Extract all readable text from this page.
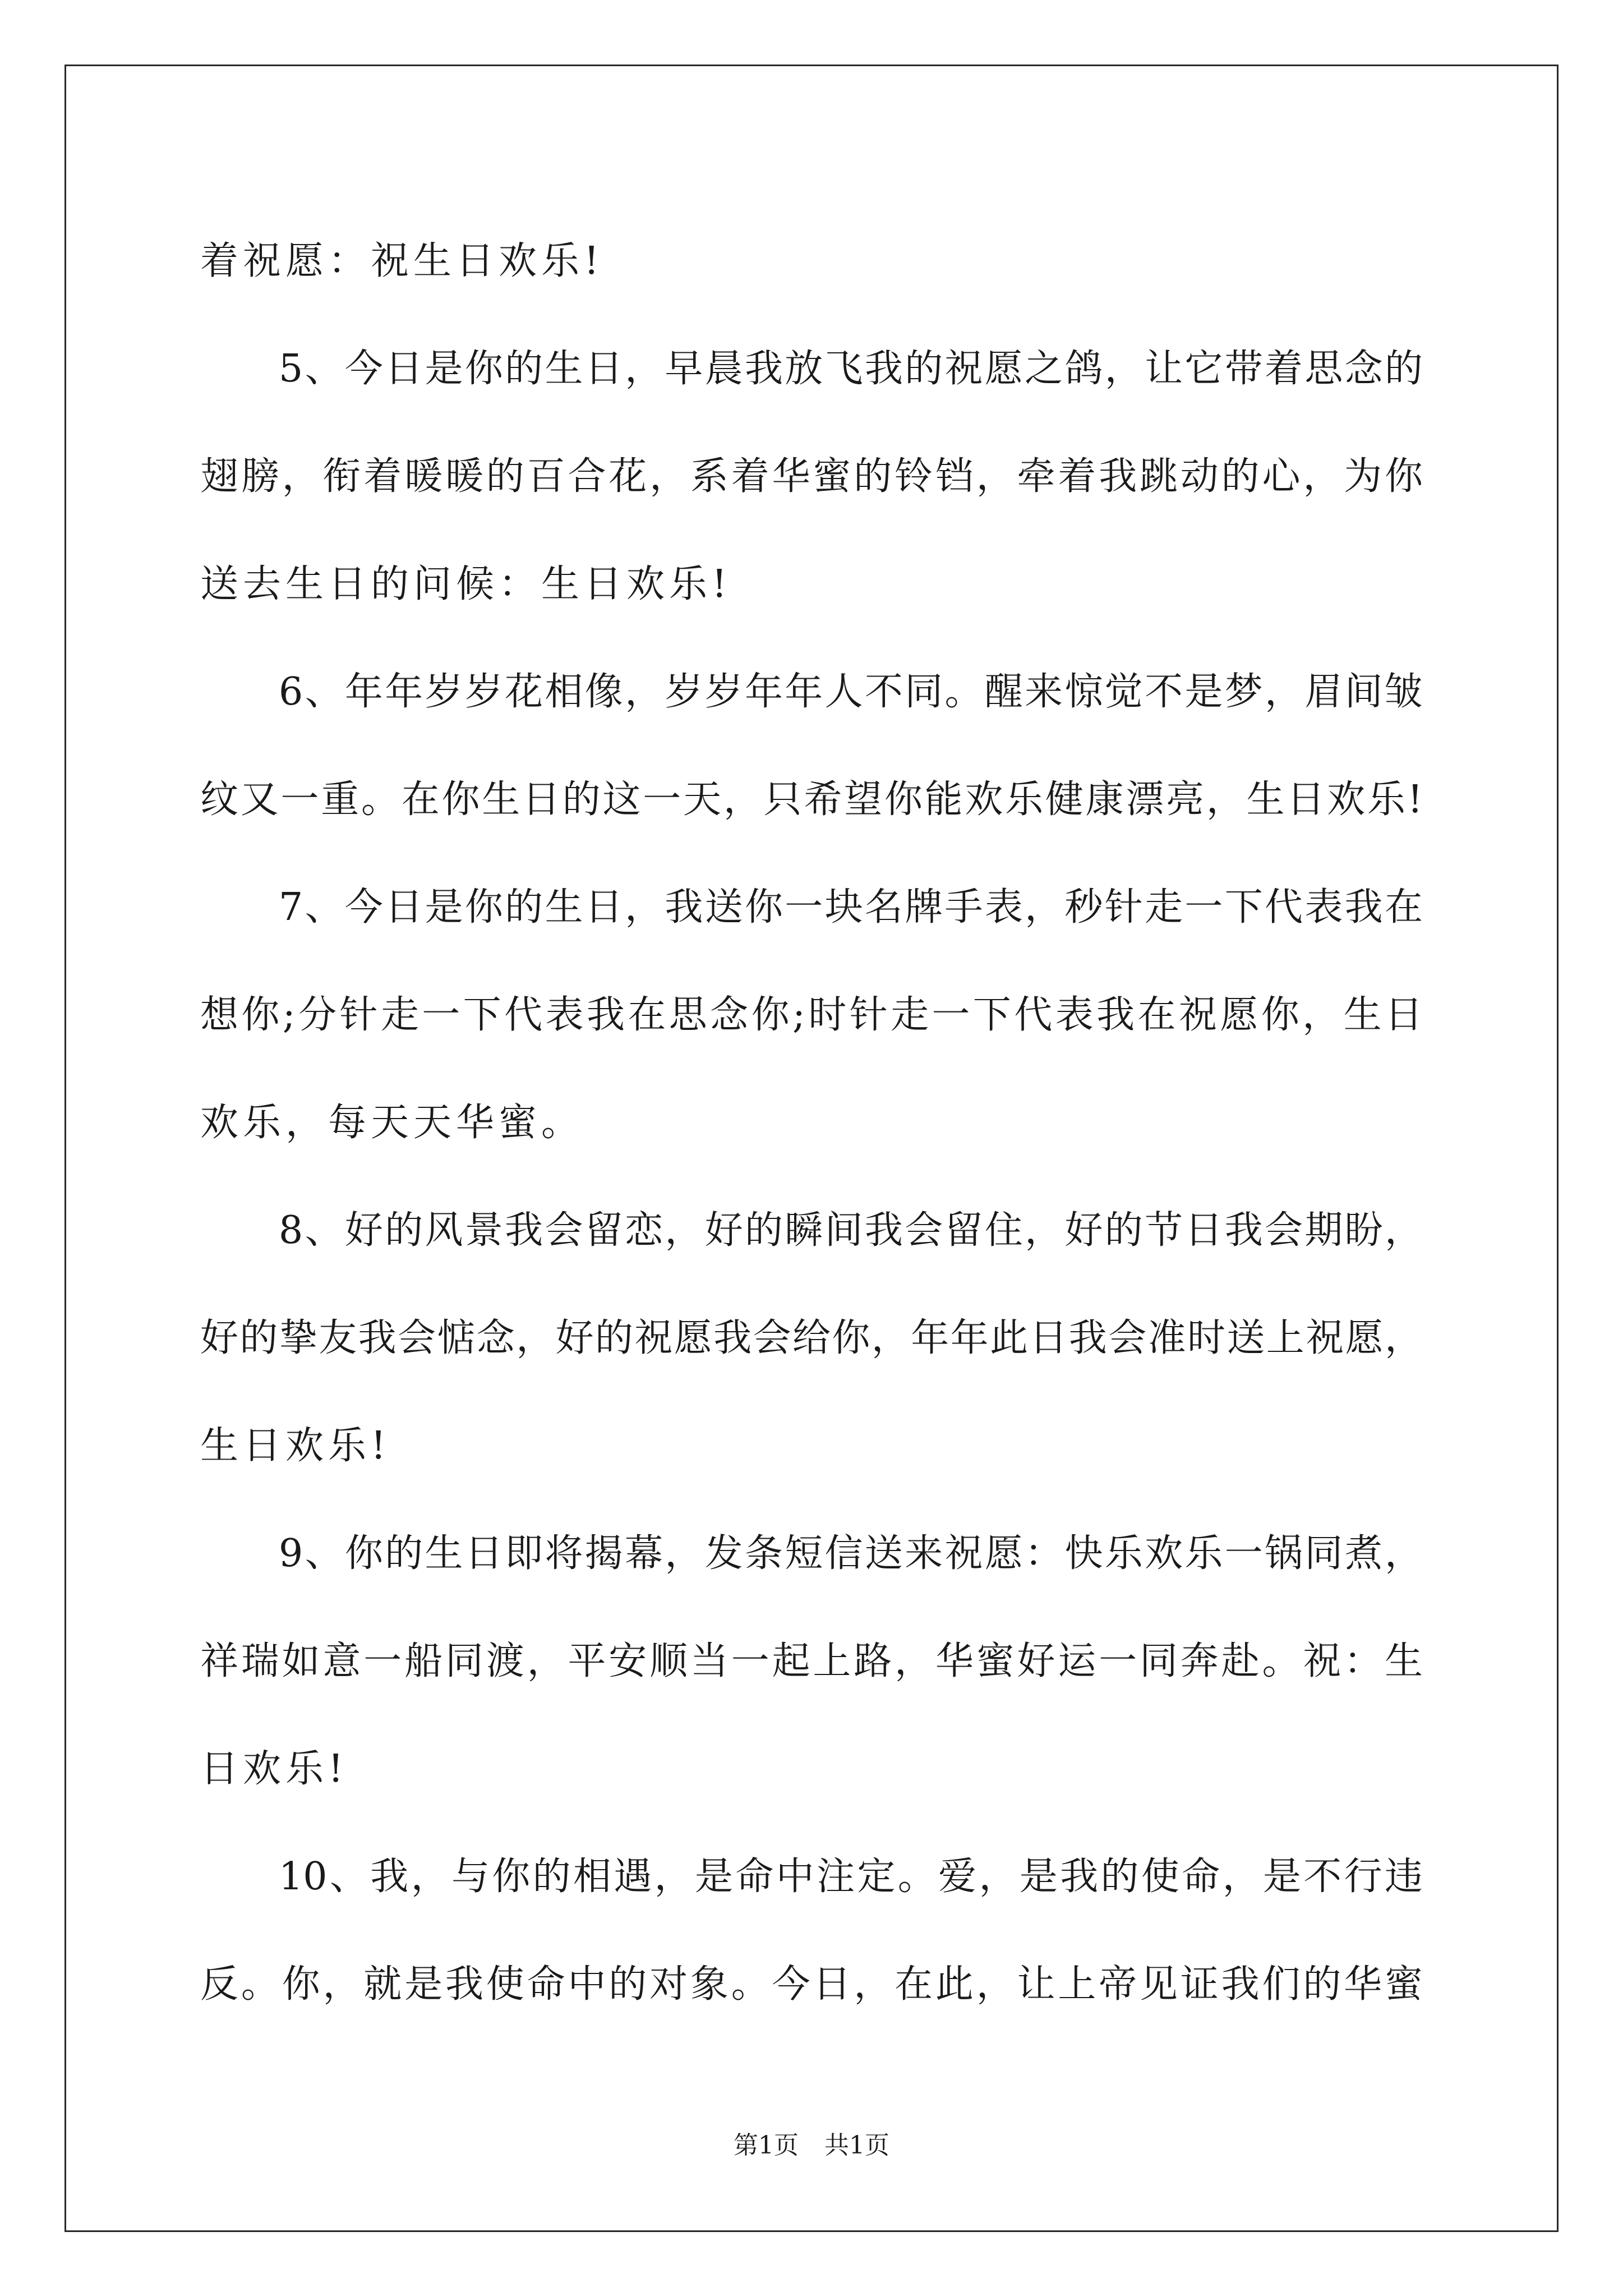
着祝愿：祝生日欢乐!
5、今日是你的生日，早晨我放飞我的祝愿之鸽，让它带着思念的
翅膀，衔着暖暖的百合花，系着华蜜的铃铛，牵着我跳动的心，为你
送去生日的问候：生日欢乐!
6、年年岁岁花相像，岁岁年年人不同。醒来惊觉不是梦，眉间皱
纹又一重。在你生日的这一天，只希望你能欢乐健康漂亮，生日欢乐!
7、今日是你的生日，我送你一块名牌手表，秒针走一下代表我在
想你;分针走一下代表我在思念你;时针走一下代表我在祝愿你，生日
欢乐，每天天华蜜。
8、好的风景我会留恋，好的瞬间我会留住，好的节日我会期盼，
好的挚友我会惦念，好的祝愿我会给你，年年此日我会准时送上祝愿，
生日欢乐!
9、你的生日即将揭幕，发条短信送来祝愿：快乐欢乐一锅同煮，
祥瑞如意一船同渡，平安顺当一起上路，华蜜好运一同奔赴。祝：生
日欢乐!
10、我，与你的相遇，是命中注定。爱，是我的使命，是不行违
反。你，就是我使命中的对象。今日，在此，让上帝见证我们的华蜜
第1页 共1页
